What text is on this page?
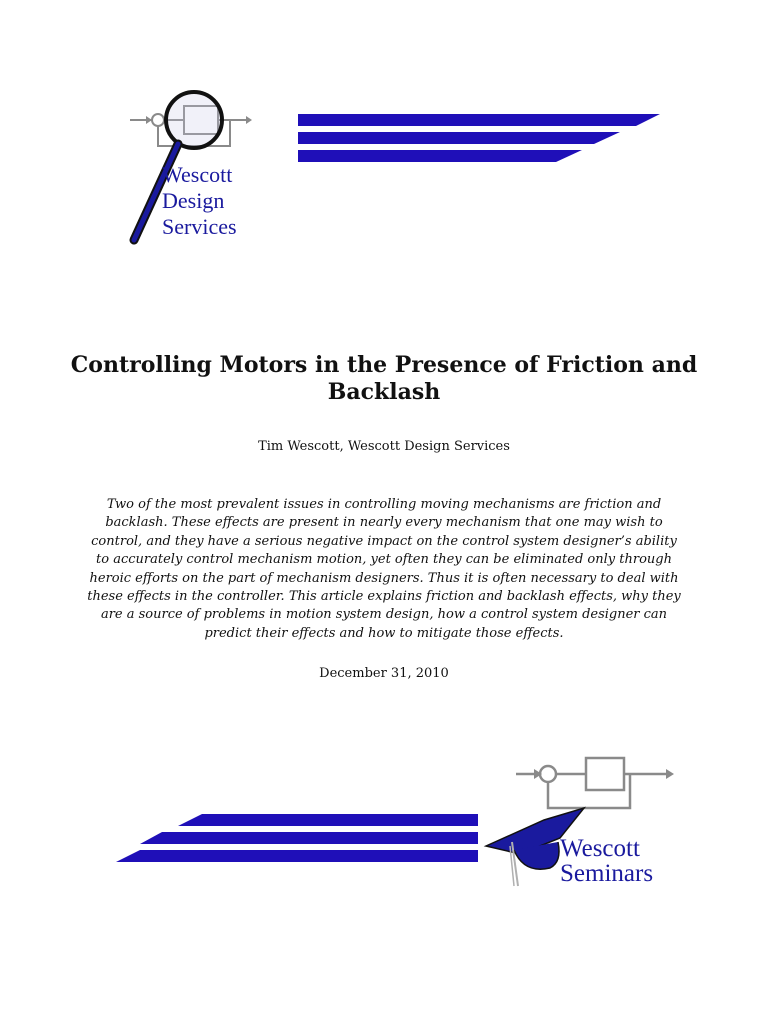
Wescott
Design
Services
Controlling Motors in the Presence of Friction and Backlash
Tim Wescott, Wescott Design Services
Two of the most prevalent issues in controlling moving mechanisms are friction and backlash. These effects are present in nearly every mechanism that one may wish to control, and they have a serious negative impact on the control system designer’s ability to accurately control mechanism motion, yet often they can be eliminated only through heroic efforts on the part of mechanism designers. Thus it is often necessary to deal with these effects in the controller. This article explains friction and backlash effects, why they are a source of problems in motion system design, how a control system designer can predict their effects and how to mitigate those effects.
December 31, 2010
Wescott
Seminars
